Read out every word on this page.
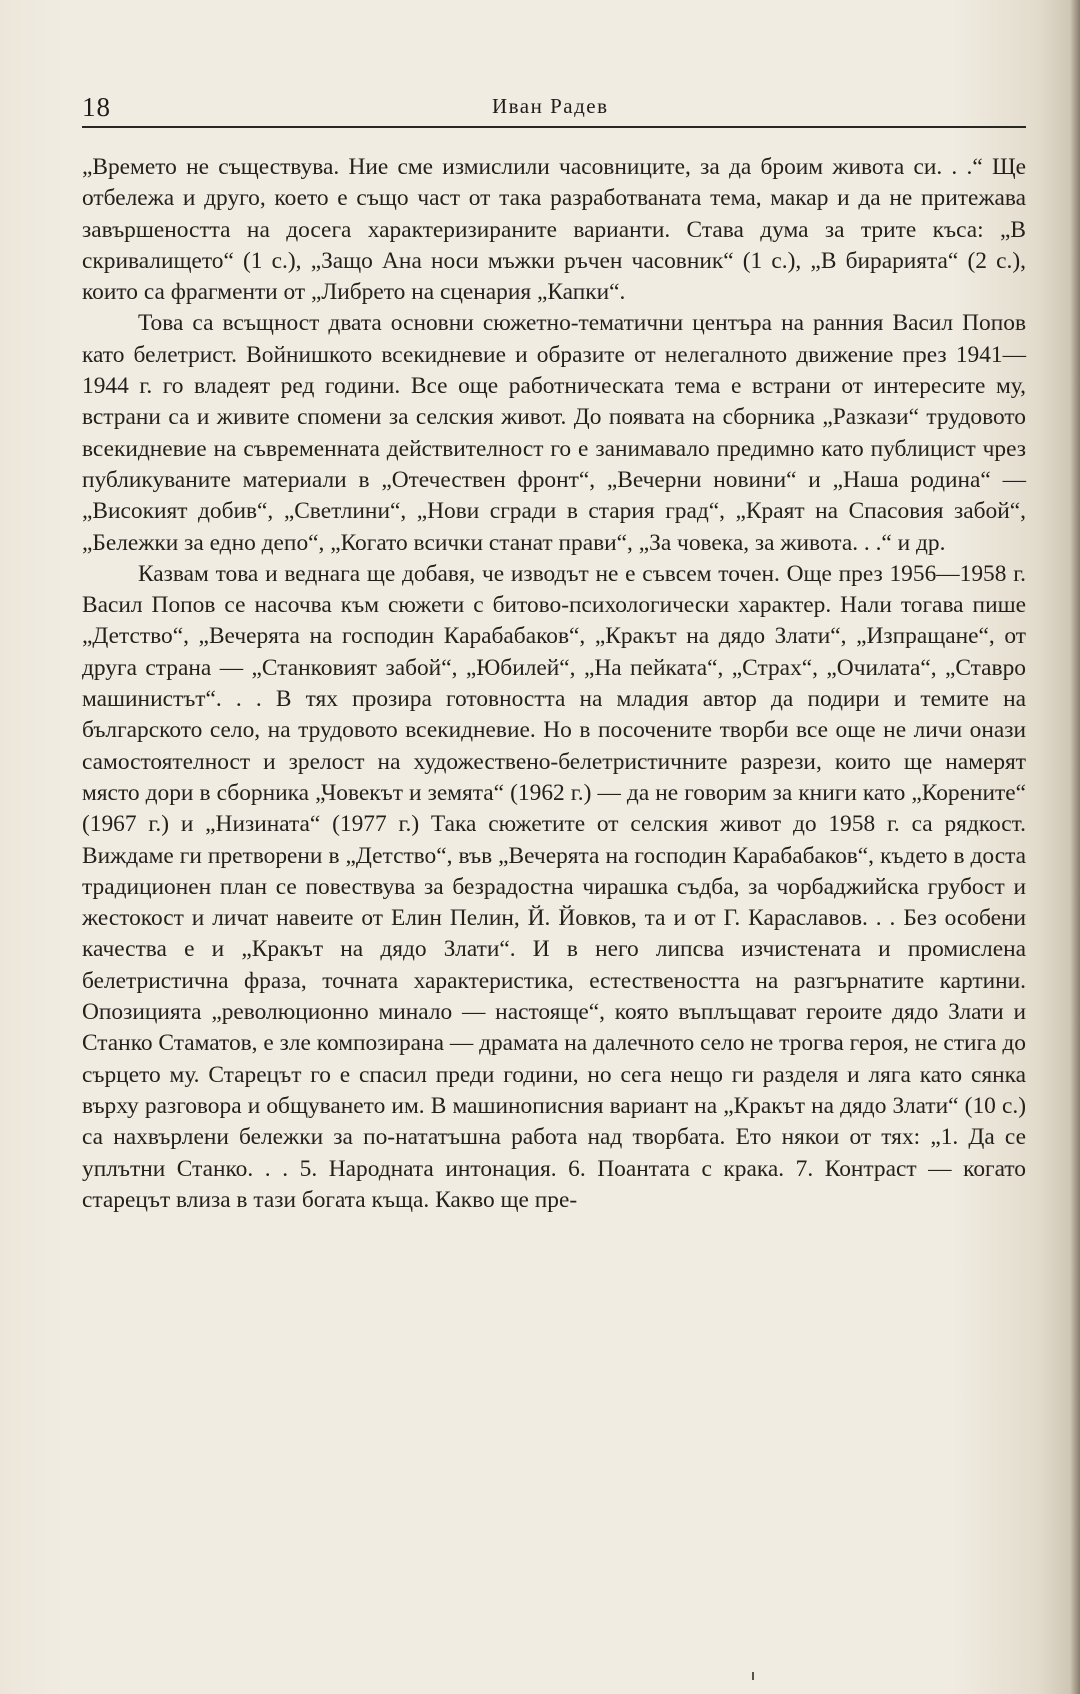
18	Иван Радев

„Времето не съществува. Ние сме измислили часовниците, за да броим живота си. . .“ Ще отбележа и друго, което е също част от така разработваната тема, макар и да не притежава завършеността на досега характеризираните варианти. Става дума за трите къса: „В скривалището“ (1 с.), „Защо Ана носи мъжки ръчен часовник“ (1 с.), „В бирарията“ (2 с.), които са фрагменти от „Либрето на сценария „Капки“.

Това са всъщност двата основни сюжетно-тематични центъра на ранния Васил Попов като белетрист. Войнишкото всекидневие и образите от нелегалното движение през 1941—1944 г. го владеят ред години. Все още работническата тема е встрани от интересите му, встрани са и живите спомени за селския живот. До появата на сборника „Разкази“ трудовото всекидневие на съвременната действителност го е занимавало предимно като публицист чрез публикуваните материали в „Отечествен фронт“, „Вечерни новини“ и „Наша родина“ — „Високият добив“, „Светлини“, „Нови сгради в стария град“, „Краят на Спасовия забой“, „Бележки за едно депо“, „Когато всички станат прави“, „За човека, за живота. . .“ и др.

Казвам това и веднага ще добавя, че изводът не е съвсем точен. Още през 1956—1958 г. Васил Попов се насочва към сюжети с битово-психологически характер. Нали тогава пише „Детство“, „Вечерята на господин Карабабаков“, „Кракът на дядо Злати“, „Изпращане“, от друга страна — „Станковият забой“, „Юбилей“, „На пейката“, „Страх“, „Очилата“, „Ставро машинистът“. . . В тях прозира готовността на младия автор да подири и темите на българското село, на трудовото всекидневие. Но в посочените творби все още не личи онази самостоятелност и зрелост на художествено-белетристичните разрези, които ще намерят място дори в сборника „Човекът и земята“ (1962 г.) — да не говорим за книги като „Корените“ (1967 г.) и „Низината“ (1977 г.) Така сюжетите от селския живот до 1958 г. са рядкост. Виждаме ги претворени в „Детство“, във „Вечерята на господин Карабабаков“, където в доста традиционен план се повествува за безрадостна чирашка съдба, за чорбаджийска грубост и жестокост и личат навеите от Елин Пелин, Й. Йовков, та и от Г. Караславов. . . Без особени качества е и „Кракът на дядо Злати“. И в него липсва изчистената и промислена белетристична фраза, точната характеристика, естествеността на разгърнатите картини. Опозицията „революционно минало — настояще“, която въплъщават героите дядо Злати и Станко Стаматов, е зле композирана — драмата на далечното село не трогва героя, не стига до сърцето му. Старецът го е спасил преди години, но сега нещо ги разделя и ляга като сянка върху разговора и общуването им. В машинописния вариант на „Кракът на дядо Злати“ (10 с.) са нахвърлени бележки за по-нататъшна работа над творбата. Ето някои от тях: „1. Да се уплътни Станко. . . 5. Народната интонация. 6. Поантата с крака. 7. Контраст — когато старецът влиза в тази богата къща. Какво ще пре-
